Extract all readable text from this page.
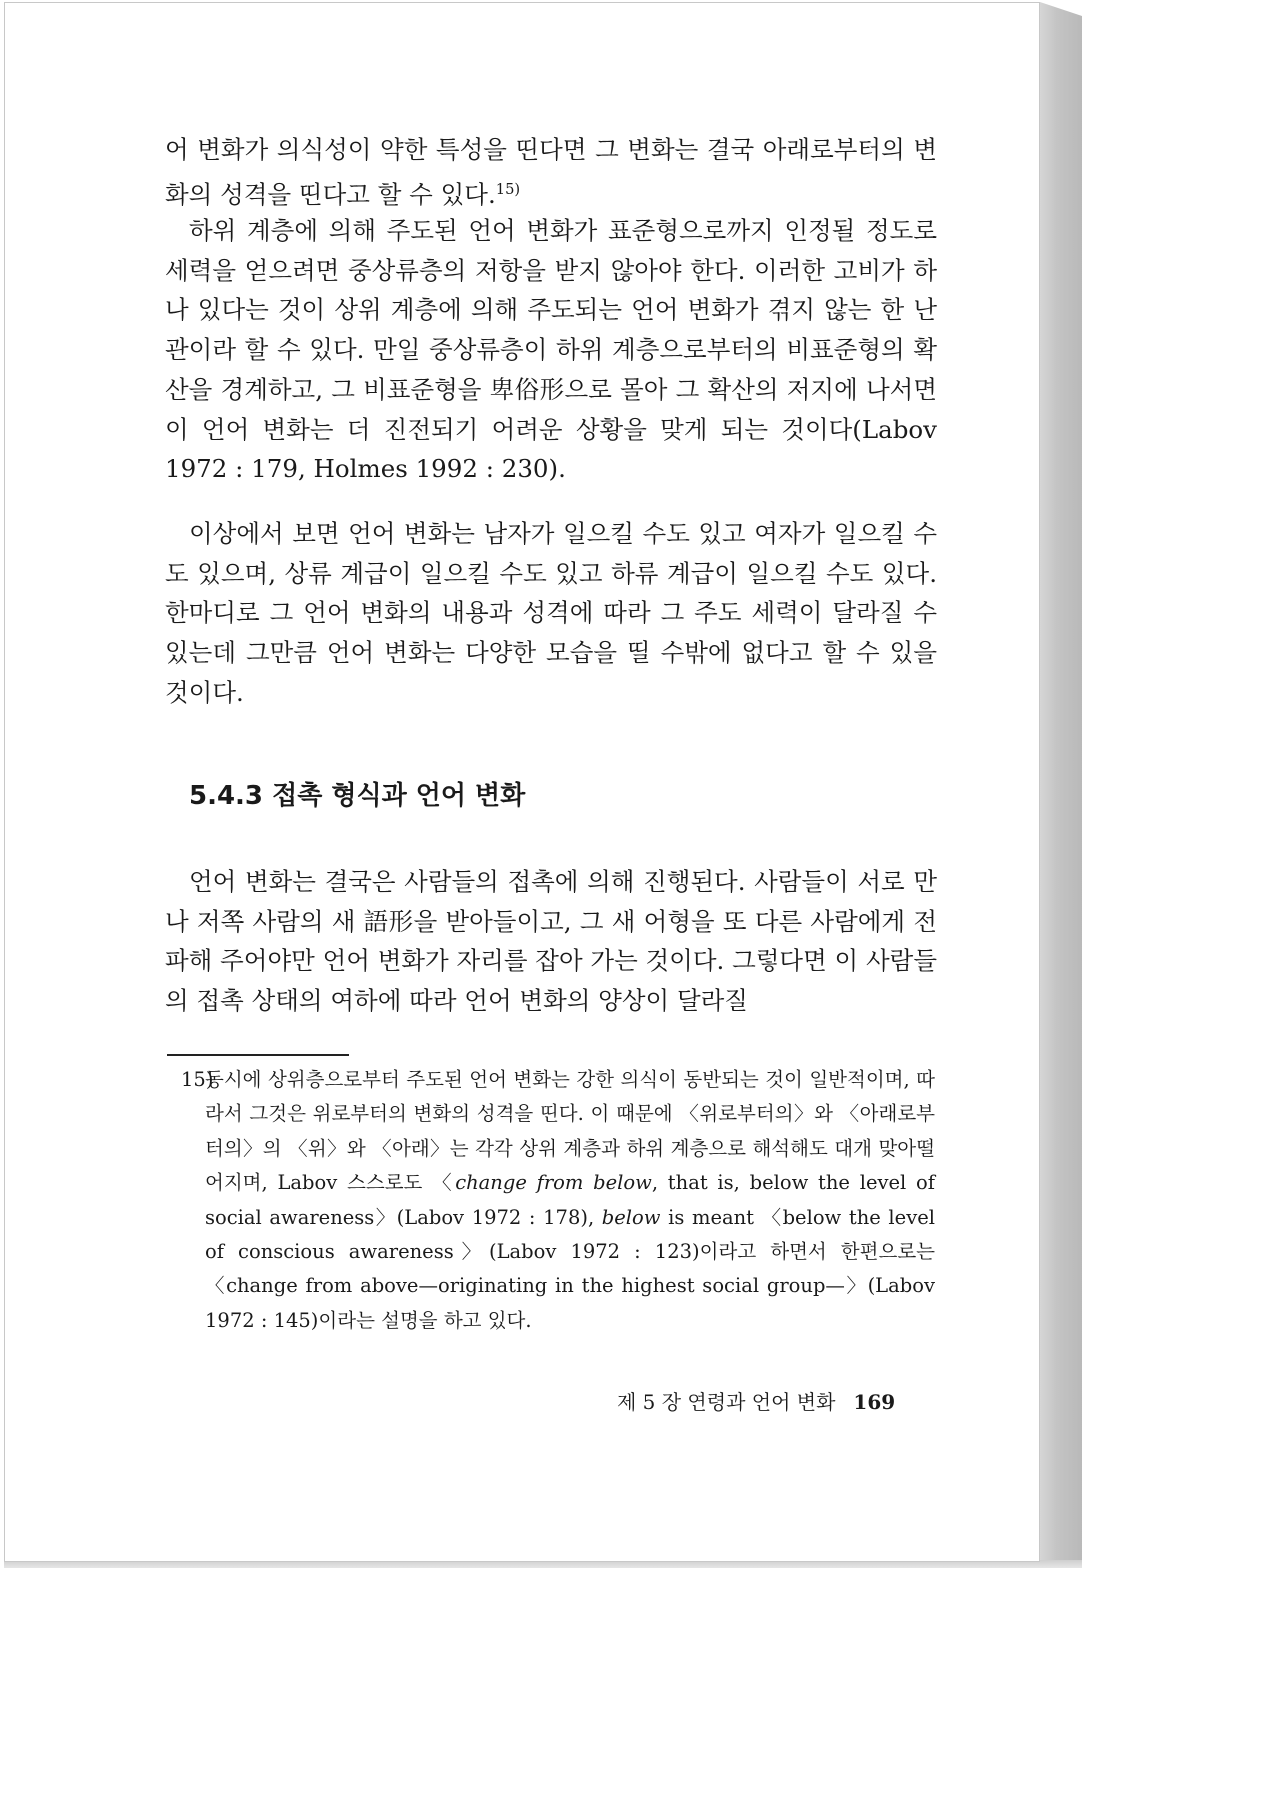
어 변화가 의식성이 약한 특성을 띤다면 그 변화는 결국 아래로부터의 변화의 성격을 띤다고 할 수 있다.$^{15)}$

하위 계층에 의해 주도된 언어 변화가 표준형으로까지 인정될 정도로 세력을 얻으려면 중상류층의 저항을 받지 않아야 한다. 이러한 고비가 하나 있다는 것이 상위 계층에 의해 주도되는 언어 변화가 겪지 않는 한 난관이라 할 수 있다. 만일 중상류층이 하위 계층으로부터의 비표준형의 확산을 경계하고, 그 비표준형을 卑俗形으로 몰아 그 확산의 저지에 나서면 이 언어 변화는 더 진전되기 어려운 상황을 맞게 되는 것이다(Labov 1972 : 179, Holmes 1992 : 230).

이상에서 보면 언어 변화는 남자가 일으킬 수도 있고 여자가 일으킬 수도 있으며, 상류 계급이 일으킬 수도 있고 하류 계급이 일으킬 수도 있다. 한마디로 그 언어 변화의 내용과 성격에 따라 그 주도 세력이 달라질 수 있는데 그만큼 언어 변화는 다양한 모습을 띨 수밖에 없다고 할 수 있을 것이다.

5.4.3 접촉 형식과 언어 변화

언어 변화는 결국은 사람들의 접촉에 의해 진행된다. 사람들이 서로 만나 저쪽 사람의 새 語形을 받아들이고, 그 새 어형을 또 다른 사람에게 전파해 주어야만 언어 변화가 자리를 잡아 가는 것이다. 그렇다면 이 사람들의 접촉 상태의 여하에 따라 언어 변화의 양상이 달라질

15)
동시에 상위층으로부터 주도된 언어 변화는 강한 의식이 동반되는 것이 일반적이며, 따라서 그것은 위로부터의 변화의 성격을 띤다. 이 때문에 〈위로부터의〉와 〈아래로부터의〉의 〈위〉와 〈아래〉는 각각 상위 계층과 하위 계층으로 해석해도 대개 맞아떨어지며, Labov 스스로도 〈change from below, that is, below the level of social awareness〉(Labov 1972 : 178), below is meant 〈below the level of conscious awareness〉(Labov 1972 : 123)이라고 하면서 한편으로는 〈change from above—originating in the highest social group—〉(Labov 1972 : 145)이라는 설명을 하고 있다.

제 5 장 연령과 언어 변화 169
